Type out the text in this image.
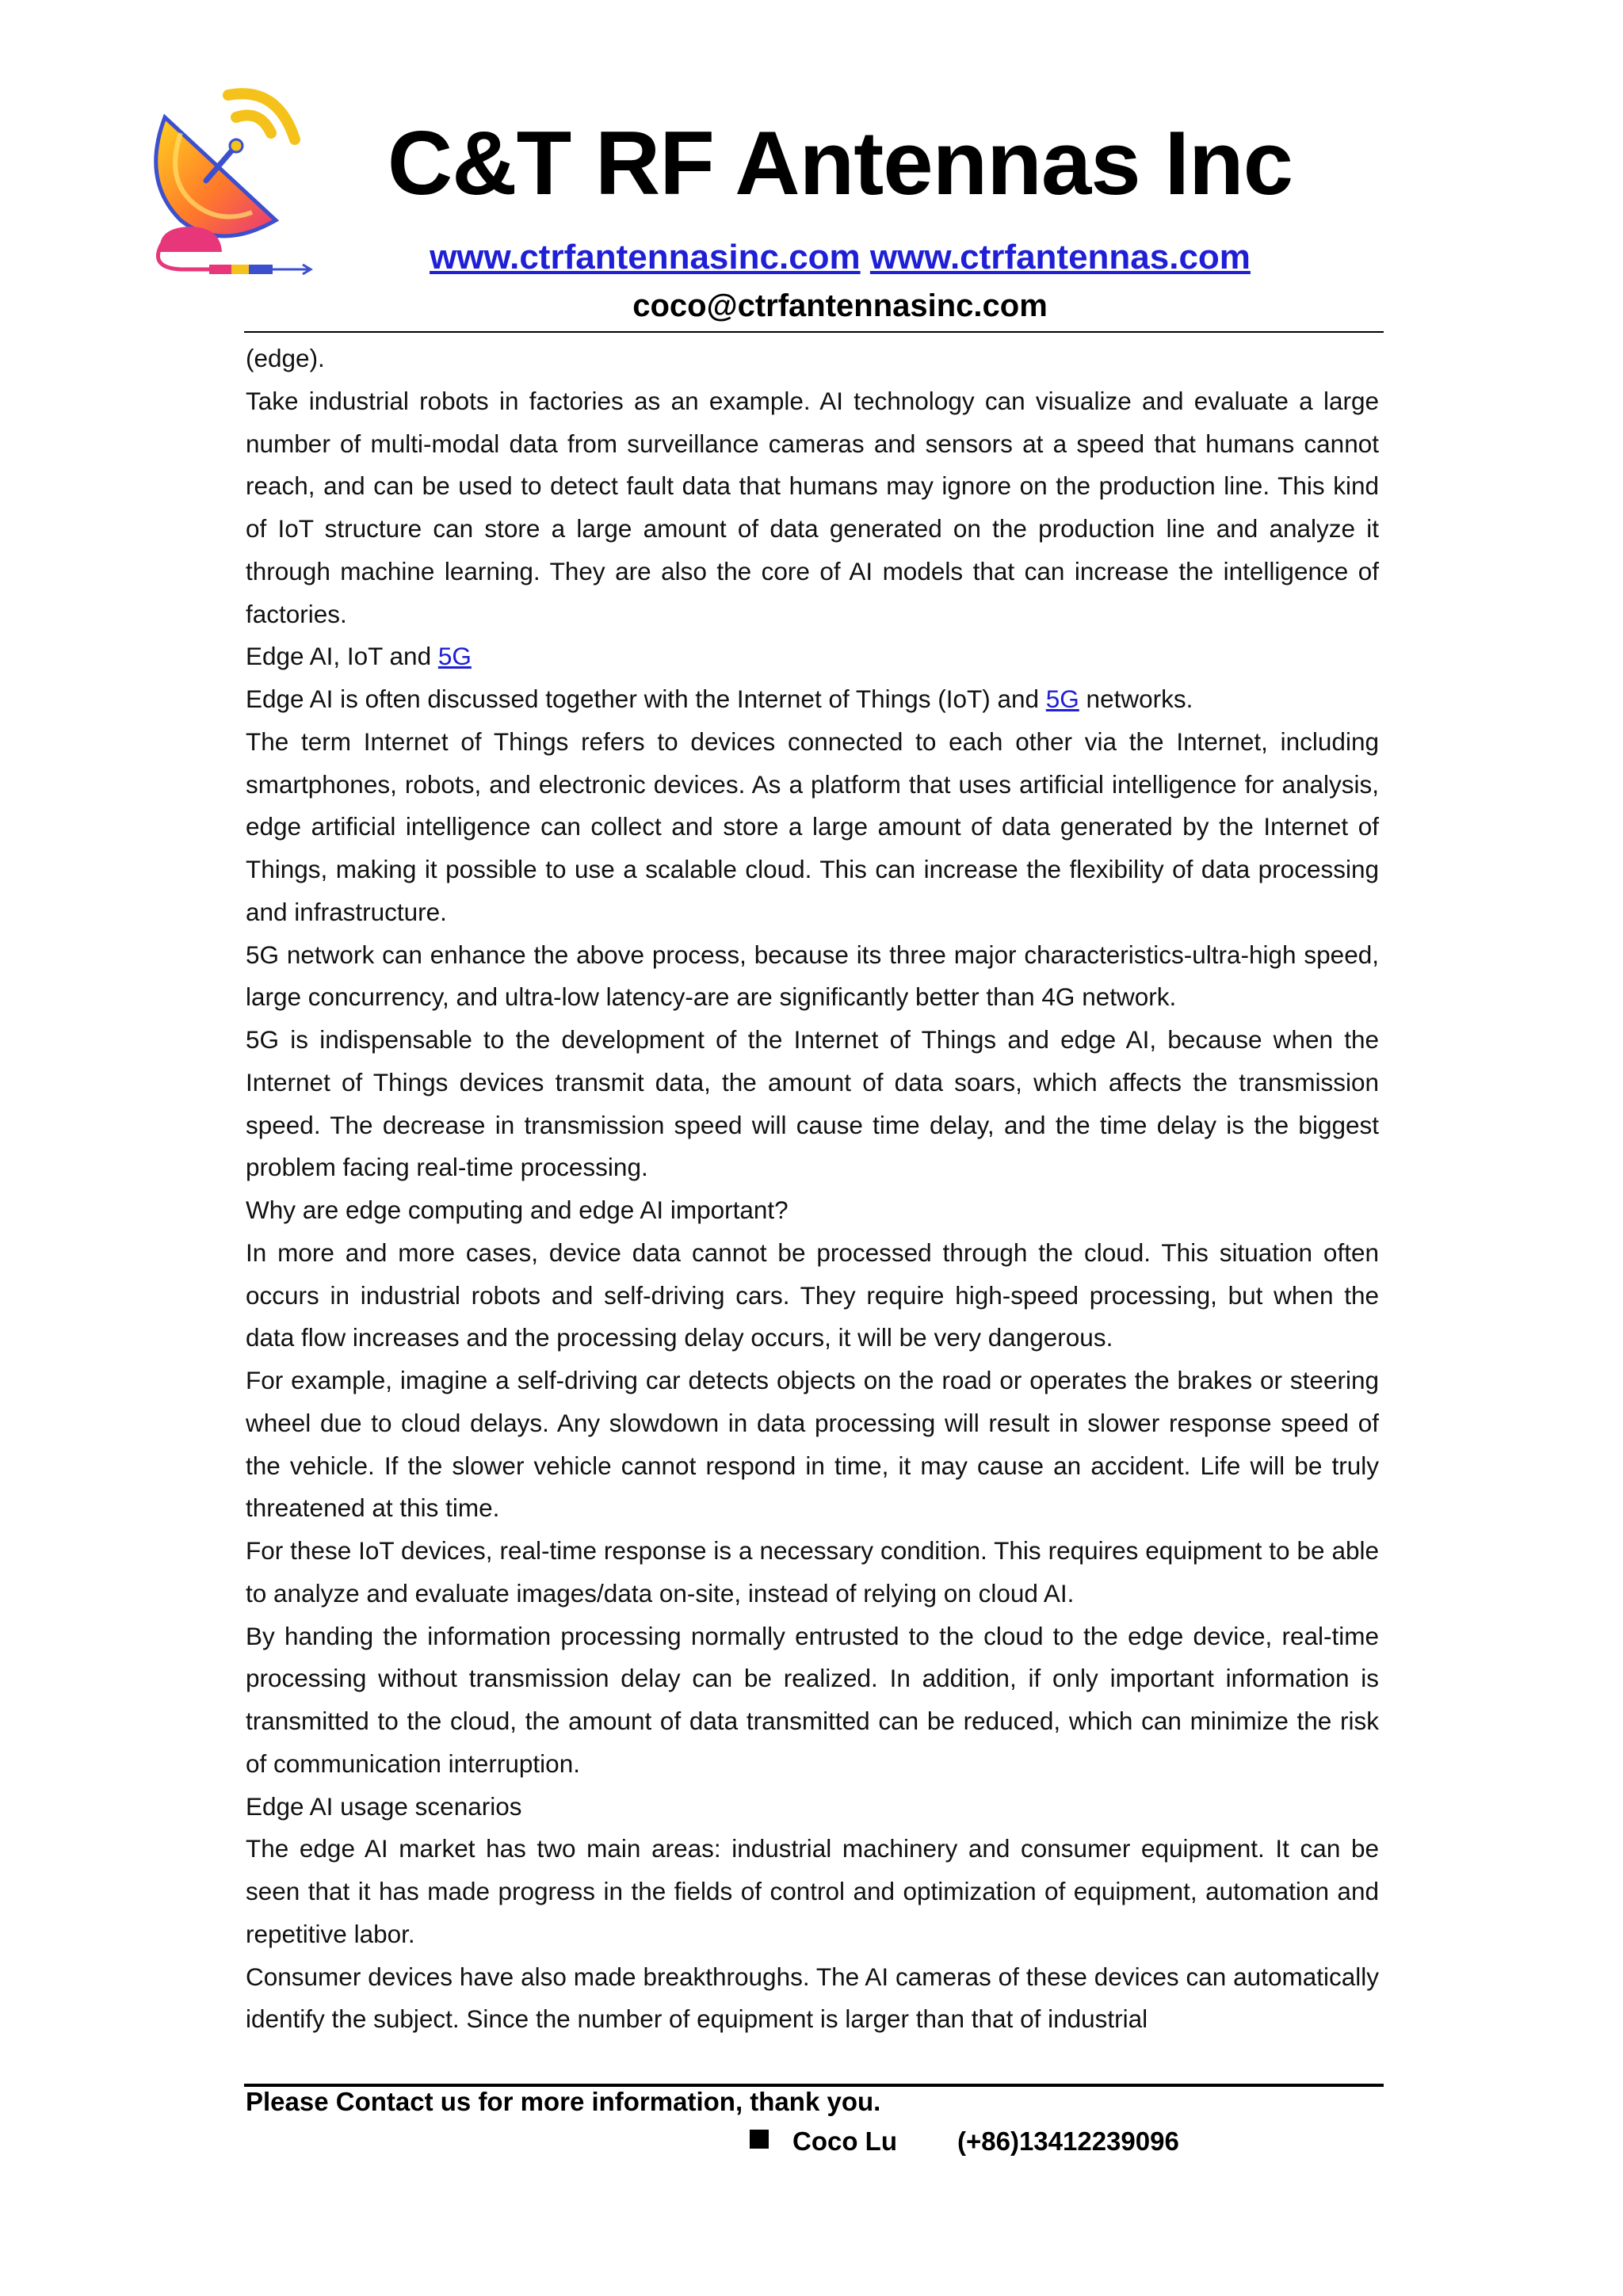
C&T RF Antennas Inc
www.ctrfantennasinc.com www.ctrfantennas.com
coco@ctrfantennasinc.com

(edge).

Take industrial robots in factories as an example. AI technology can visualize and evaluate a large number of multi-modal data from surveillance cameras and sensors at a speed that humans cannot reach, and can be used to detect fault data that humans may ignore on the production line. This kind of IoT structure can store a large amount of data generated on the production line and analyze it through machine learning. They are also the core of AI models that can increase the intelligence of factories.

Edge AI, IoT and 5G

Edge AI is often discussed together with the Internet of Things (IoT) and 5G networks.

The term Internet of Things refers to devices connected to each other via the Internet, including smartphones, robots, and electronic devices. As a platform that uses artificial intelligence for analysis, edge artificial intelligence can collect and store a large amount of data generated by the Internet of Things, making it possible to use a scalable cloud. This can increase the flexibility of data processing and infrastructure.

5G network can enhance the above process, because its three major characteristics-ultra-high speed, large concurrency, and ultra-low latency-are are significantly better than 4G network.

5G is indispensable to the development of the Internet of Things and edge AI, because when the Internet of Things devices transmit data, the amount of data soars, which affects the transmission speed. The decrease in transmission speed will cause time delay, and the time delay is the biggest problem facing real-time processing.

Why are edge computing and edge AI important?

In more and more cases, device data cannot be processed through the cloud. This situation often occurs in industrial robots and self-driving cars. They require high-speed processing, but when the data flow increases and the processing delay occurs, it will be very dangerous.

For example, imagine a self-driving car detects objects on the road or operates the brakes or steering wheel due to cloud delays. Any slowdown in data processing will result in slower response speed of the vehicle. If the slower vehicle cannot respond in time, it may cause an accident. Life will be truly threatened at this time.

For these IoT devices, real-time response is a necessary condition. This requires equipment to be able to analyze and evaluate images/data on-site, instead of relying on cloud AI.

By handing the information processing normally entrusted to the cloud to the edge device, real-time processing without transmission delay can be realized. In addition, if only important information is transmitted to the cloud, the amount of data transmitted can be reduced, which can minimize the risk of communication interruption.

Edge AI usage scenarios

The edge AI market has two main areas: industrial machinery and consumer equipment. It can be seen that it has made progress in the fields of control and optimization of equipment, automation and repetitive labor.

Consumer devices have also made breakthroughs. The AI cameras of these devices can automatically identify the subject. Since the number of equipment is larger than that of industrial

Please Contact us for more information, thank you.
Coco Lu (+86)13412239096
